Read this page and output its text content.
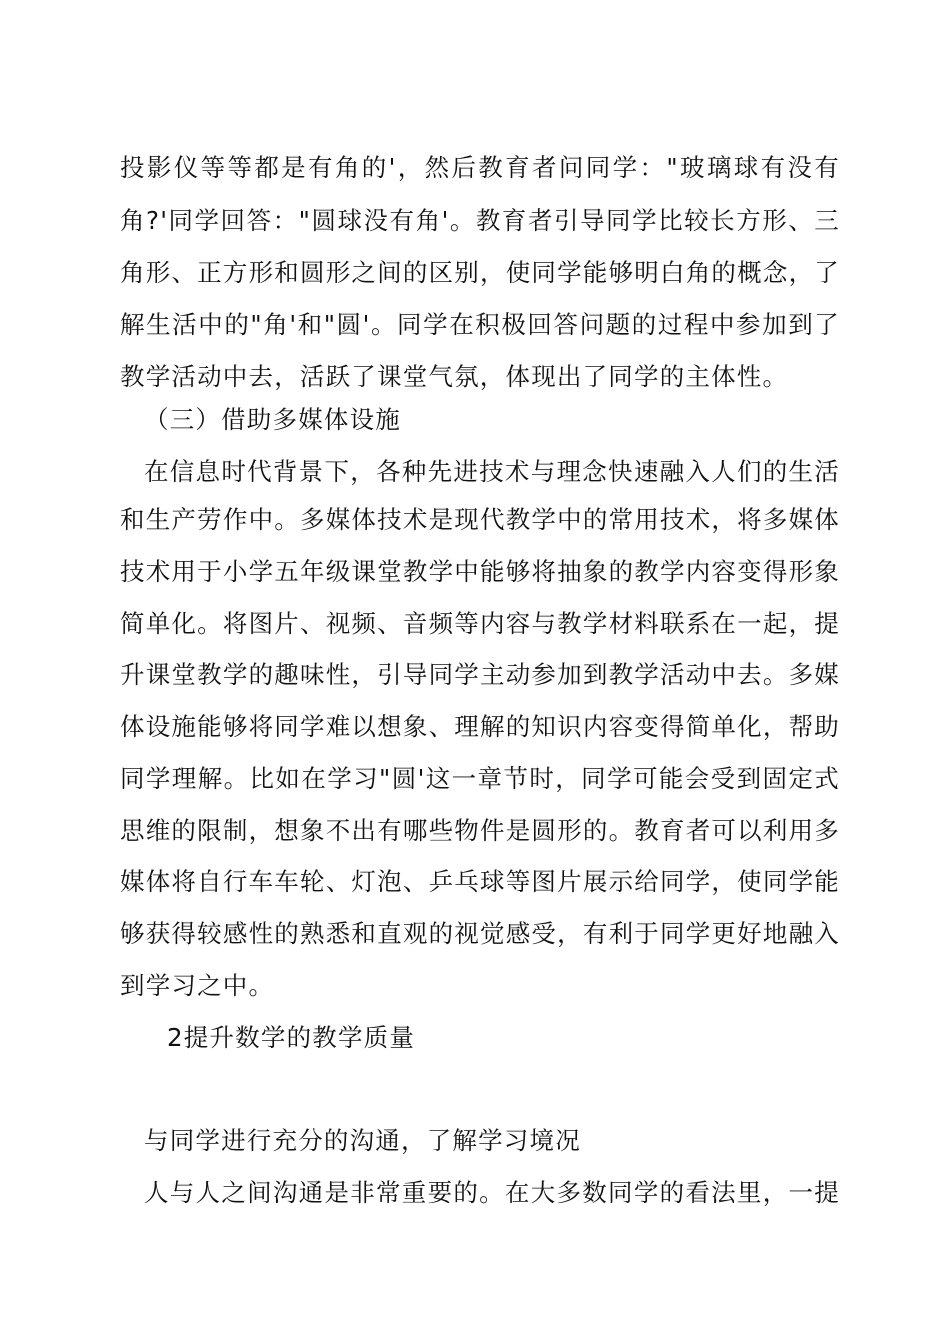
投影仪等等都是有角的'，然后教育者问同学："玻璃球有没有
角?'同学回答："圆球没有角'。教育者引导同学比较长方形、三
角形、正方形和圆形之间的区别，使同学能够明白角的概念，了
解生活中的"角'和"圆'。同学在积极回答问题的过程中参加到了
教学活动中去，活跃了课堂气氛，体现出了同学的主体性。
（三）借助多媒体设施
在信息时代背景下，各种先进技术与理念快速融入人们的生活
和生产劳作中。多媒体技术是现代教学中的常用技术，将多媒体
技术用于小学五年级课堂教学中能够将抽象的教学内容变得形象
简单化。将图片、视频、音频等内容与教学材料联系在一起，提
升课堂教学的趣味性，引导同学主动参加到教学活动中去。多媒
体设施能够将同学难以想象、理解的知识内容变得简单化，帮助
同学理解。比如在学习"圆'这一章节时，同学可能会受到固定式
思维的限制，想象不出有哪些物件是圆形的。教育者可以利用多
媒体将自行车车轮、灯泡、乒乓球等图片展示给同学，使同学能
够获得较感性的熟悉和直观的视觉感受，有利于同学更好地融入
到学习之中。
2提升数学的教学质量
与同学进行充分的沟通，了解学习境况
人与人之间沟通是非常重要的。在大多数同学的看法里，一提
